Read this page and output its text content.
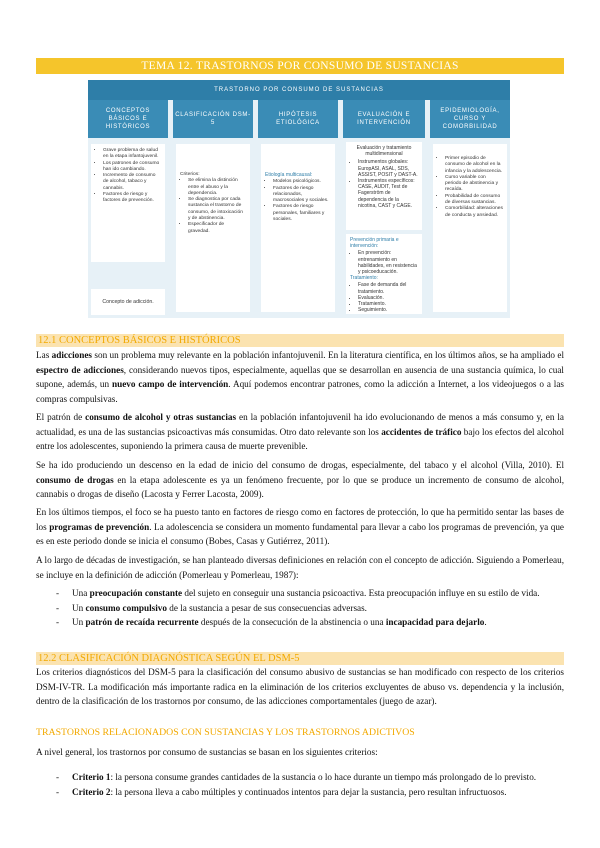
TEMA 12. TRASTORNOS POR CONSUMO DE SUSTANCIAS
TRASTORNO POR CONSUMO DE SUSTANCIAS
CONCEPTOS BÁSICOS E HISTÓRICOS
• Grave problema de salud en la etapa infantojuvenil.
• Los patrones de consumo han ido cambiando.
• Incremento de consumo de alcohol, tabaco y cannabis.
• Factores de riesgo y factores de prevención.
Concepto de adicción.
CLASIFICACIÓN DSM-5
Criterios:
• Se elimina la distinción entre el abuso y la dependencia.
• Se diagnostica por cada sustancia el trastorno de consumo, de intoxicación y de abstinencia.
• Especificador de gravedad.
HIPÓTESIS ETIOLÓGICA
Etiología multicausal:
• Modelos psicológicos.
• Factores de riesgo relacionados, macrosociales y sociales.
• Factores de riesgo personales, familiares y sociales.
EVALUACIÓN E INTERVENCIÓN
Evaluación y tratamiento multidimensional
• Instrumentos globales: EuropASI, ASAL, SDS, ASSIST, POSIT y DAST-A.
• Instrumentos específicos: CASE, AUDIT, Test de Fagerström de dependencia de la nicotina, CAST y CAGE.
Prevención primaria e intervención:
• En prevención: entrenamiento en habilidades, en resistencia y psicoeducación.
Tratamiento:
• Fase de demanda del tratamiento.
• Evaluación.
• Tratamiento.
• Seguimiento.
EPIDEMIOLOGÍA, CURSO Y COMORBILIDAD
• Primer episodio de consumo de alcohol en la infancia y la adolescencia.
• Curso variable con periodo de abstinencia y recaída.
• Probabilidad de consumo de diversas sustancias.
• Comorbilidad: alteraciones de conducta y ansiedad.
12.1 CONCEPTOS BÁSICOS E HISTÓRICOS
Las adicciones son un problema muy relevante en la población infantojuvenil. En la literatura científica, en los últimos años, se ha ampliado el espectro de adicciones, considerando nuevos tipos, especialmente, aquellas que se desarrollan en ausencia de una sustancia química, lo cual supone, además, un nuevo campo de intervención. Aquí podemos encontrar patrones, como la adicción a Internet, a los videojuegos o a las compras compulsivas.
El patrón de consumo de alcohol y otras sustancias en la población infantojuvenil ha ido evolucionando de menos a más consumo y, en la actualidad, es una de las sustancias psicoactivas más consumidas. Otro dato relevante son los accidentes de tráfico bajo los efectos del alcohol entre los adolescentes, suponiendo la primera causa de muerte prevenible.
Se ha ido produciendo un descenso en la edad de inicio del consumo de drogas, especialmente, del tabaco y el alcohol (Villa, 2010). El consumo de drogas en la etapa adolescente es ya un fenómeno frecuente, por lo que se produce un incremento de consumo de alcohol, cannabis o drogas de diseño (Lacosta y Ferrer Lacosta, 2009).
En los últimos tiempos, el foco se ha puesto tanto en factores de riesgo como en factores de protección, lo que ha permitido sentar las bases de los programas de prevención. La adolescencia se considera un momento fundamental para llevar a cabo los programas de prevención, ya que es en este periodo donde se inicia el consumo (Bobes, Casas y Gutiérrez, 2011).
A lo largo de décadas de investigación, se han planteado diversas definiciones en relación con el concepto de adicción. Siguiendo a Pomerleau, se incluye en la definición de adicción (Pomerleau y Pomerleau, 1987):
- Una preocupación constante del sujeto en conseguir una sustancia psicoactiva. Esta preocupación influye en su estilo de vida.
- Un consumo compulsivo de la sustancia a pesar de sus consecuencias adversas.
- Un patrón de recaída recurrente después de la consecución de la abstinencia o una incapacidad para dejarlo.
12.2 CLASIFICACIÓN DIAGNÓSTICA SEGÚN EL DSM-5
Los criterios diagnósticos del DSM-5 para la clasificación del consumo abusivo de sustancias se han modificado con respecto de los criterios DSM-IV-TR. La modificación más importante radica en la eliminación de los criterios excluyentes de abuso vs. dependencia y la inclusión, dentro de la clasificación de los trastornos por consumo, de las adicciones comportamentales (juego de azar).
TRASTORNOS RELACIONADOS CON SUSTANCIAS Y LOS TRASTORNOS ADICTIVOS
A nivel general, los trastornos por consumo de sustancias se basan en los siguientes criterios:
- Criterio 1: la persona consume grandes cantidades de la sustancia o lo hace durante un tiempo más prolongado de lo previsto.
- Criterio 2: la persona lleva a cabo múltiples y continuados intentos para dejar la sustancia, pero resultan infructuosos.
